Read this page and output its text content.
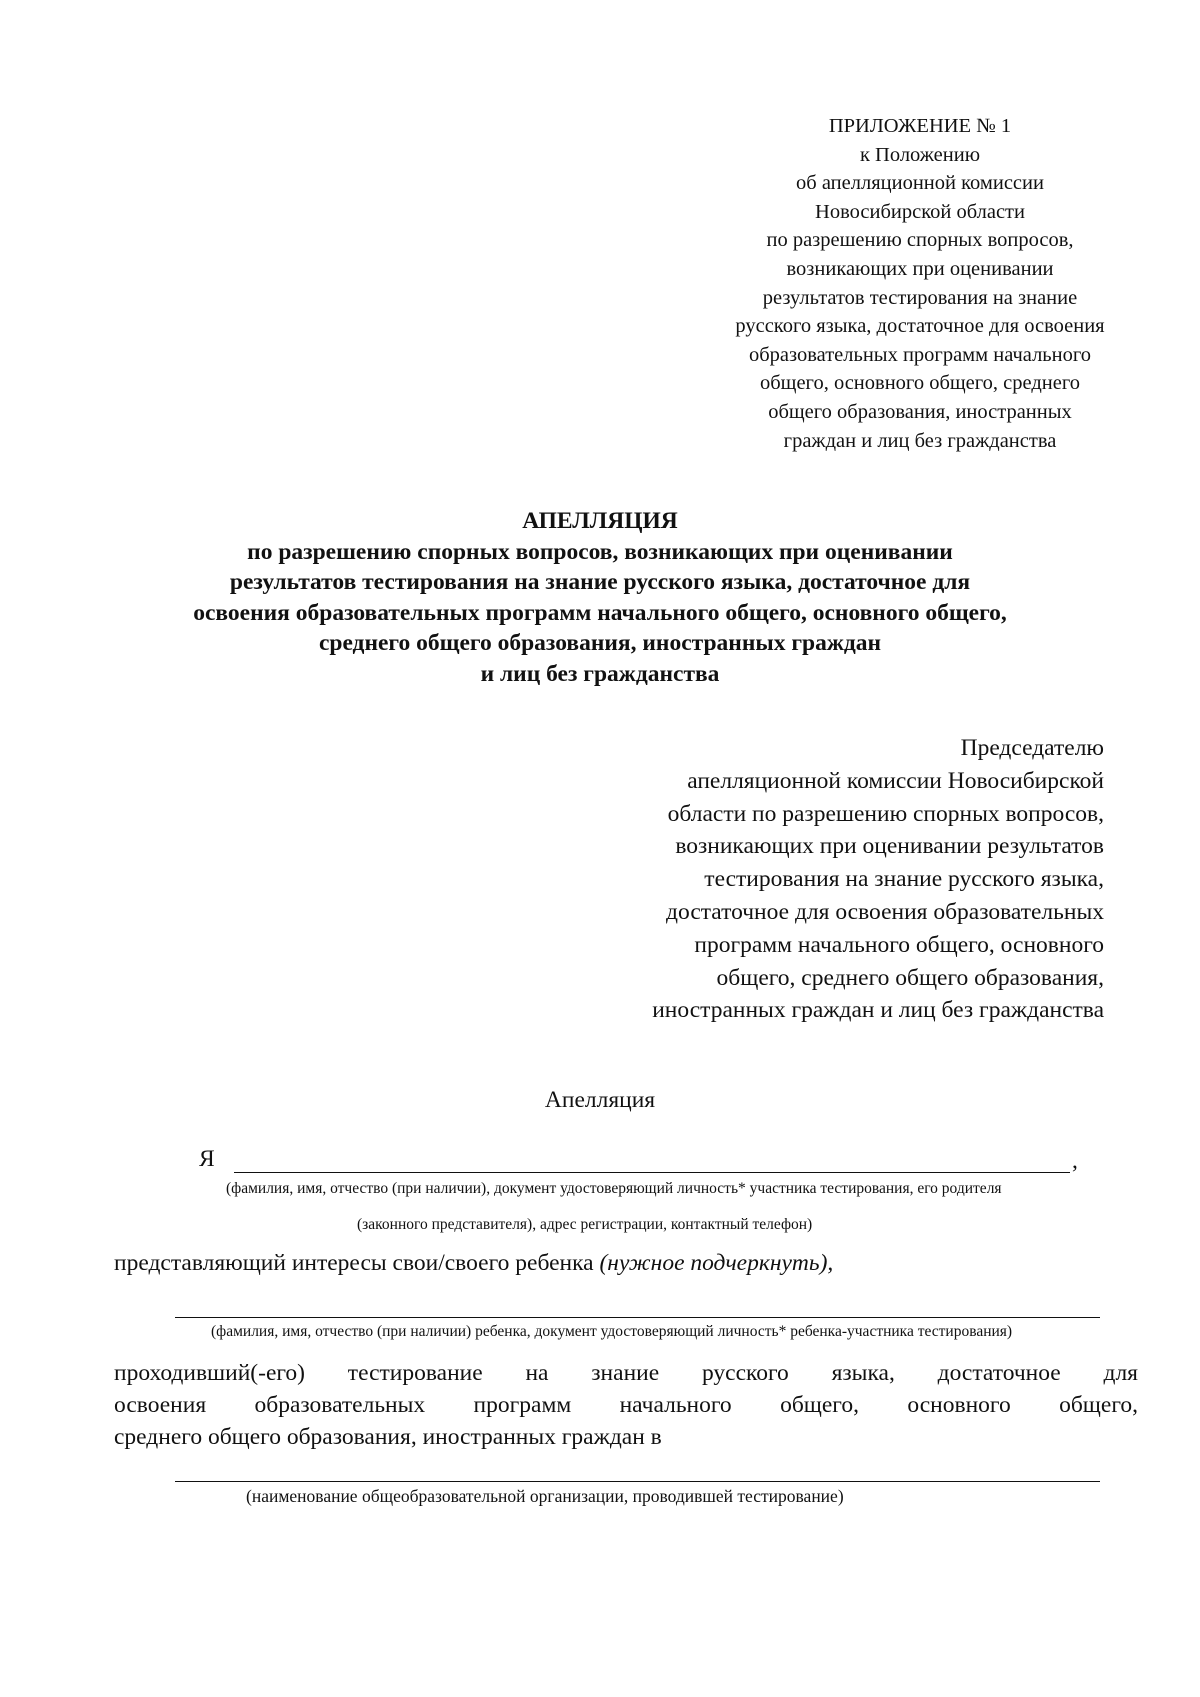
ПРИЛОЖЕНИЕ № 1
к Положению
об апелляционной комиссии
Новосибирской области
по разрешению спорных вопросов,
возникающих при оценивании
результатов тестирования на знание
русского языка, достаточное для освоения
образовательных программ начального
общего, основного общего, среднего
общего образования, иностранных
граждан и лиц без гражданства
АПЕЛЛЯЦИЯ
по разрешению спорных вопросов, возникающих при оценивании
результатов тестирования на знание русского языка, достаточное для
освоения образовательных программ начального общего, основного общего,
среднего общего образования, иностранных граждан
и лиц без гражданства
Председателю
апелляционной комиссии Новосибирской
области по разрешению спорных вопросов,
возникающих при оценивании результатов
тестирования на знание русского языка,
достаточное для освоения образовательных
программ начального общего, основного
общего, среднего общего образования,
иностранных граждан и лиц без гражданства
Апелляция
Я	,
(фамилия, имя, отчество (при наличии), документ удостоверяющий личность* участника тестирования, его родителя
(законного представителя), адрес регистрации, контактный телефон)
представляющий интересы свои/своего ребенка (нужное подчеркнуть),
(фамилия, имя, отчество (при наличии) ребенка, документ удостоверяющий личность* ребенка-участника тестирования)
проходивший(-его) тестирование на знание русского языка, достаточное для
освоения образовательных программ начального общего, основного общего,
среднего общего образования, иностранных граждан в
(наименование общеобразовательной организации, проводившей тестирование)
